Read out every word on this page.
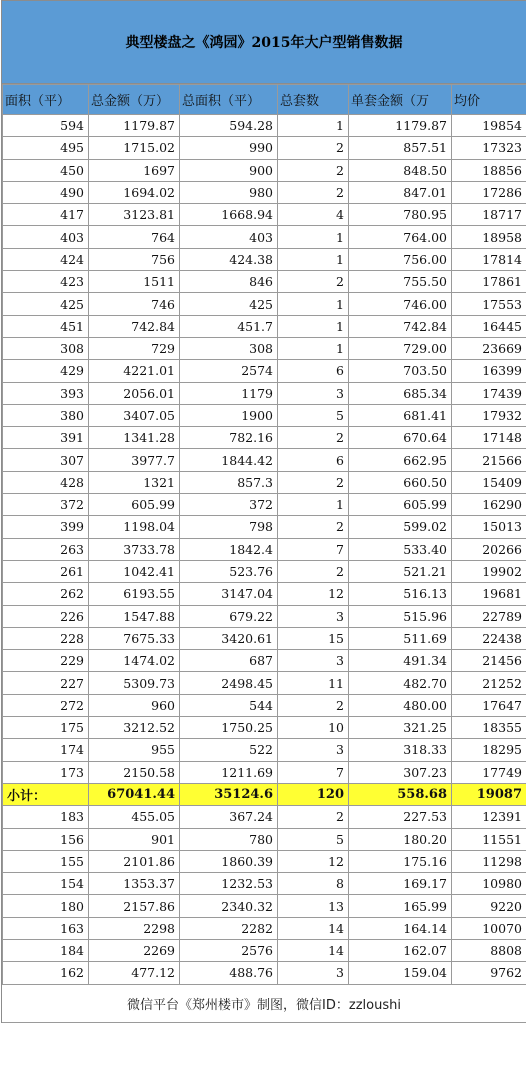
典型楼盘之《鸿园》2015年大户型销售数据
面积（平）	总金额（万）	总面积（平）	总套数	单套金额（万	均价
594	1179.87	594.28	1	1179.87	19854
495	1715.02	990	2	857.51	17323
450	1697	900	2	848.50	18856
490	1694.02	980	2	847.01	17286
417	3123.81	1668.94	4	780.95	18717
403	764	403	1	764.00	18958
424	756	424.38	1	756.00	17814
423	1511	846	2	755.50	17861
425	746	425	1	746.00	17553
451	742.84	451.7	1	742.84	16445
308	729	308	1	729.00	23669
429	4221.01	2574	6	703.50	16399
393	2056.01	1179	3	685.34	17439
380	3407.05	1900	5	681.41	17932
391	1341.28	782.16	2	670.64	17148
307	3977.7	1844.42	6	662.95	21566
428	1321	857.3	2	660.50	15409
372	605.99	372	1	605.99	16290
399	1198.04	798	2	599.02	15013
263	3733.78	1842.4	7	533.40	20266
261	1042.41	523.76	2	521.21	19902
262	6193.55	3147.04	12	516.13	19681
226	1547.88	679.22	3	515.96	22789
228	7675.33	3420.61	15	511.69	22438
229	1474.02	687	3	491.34	21456
227	5309.73	2498.45	11	482.70	21252
272	960	544	2	480.00	17647
175	3212.52	1750.25	10	321.25	18355
174	955	522	3	318.33	18295
173	2150.58	1211.69	7	307.23	17749
小计：	67041.44	35124.6	120	558.68	19087
183	455.05	367.24	2	227.53	12391
156	901	780	5	180.20	11551
155	2101.86	1860.39	12	175.16	11298
154	1353.37	1232.53	8	169.17	10980
180	2157.86	2340.32	13	165.99	9220
163	2298	2282	14	164.14	10070
184	2269	2576	14	162.07	8808
162	477.12	488.76	3	159.04	9762
微信平台《郑州楼市》制图，微信ID：zzloushi
